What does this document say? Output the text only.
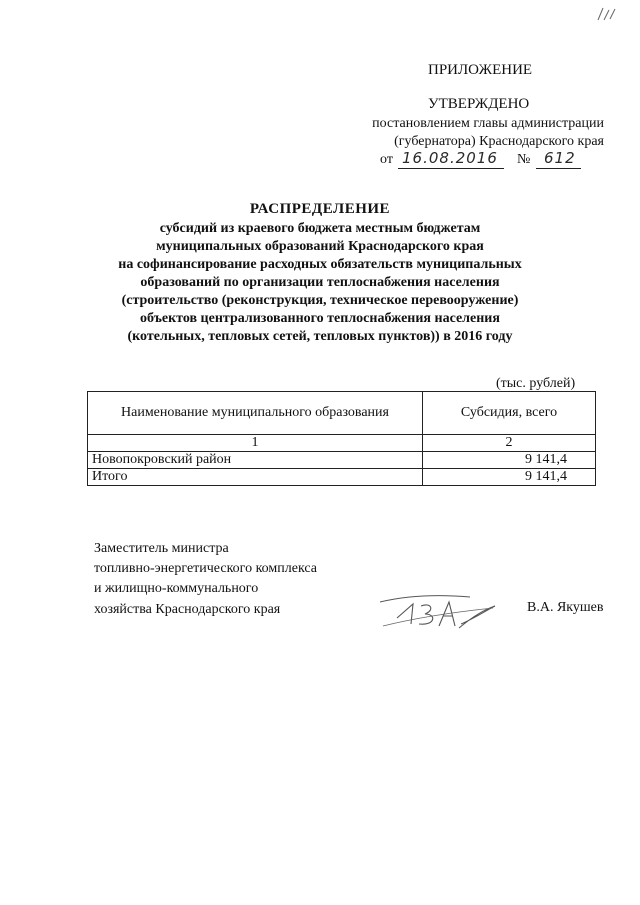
ПРИЛОЖЕНИЕ
УТВЕРЖДЕНО
постановлением главы администрации
(губернатора) Краснодарского края
от 16.08.2016 № 612
РАСПРЕДЕЛЕНИЕ
субсидий из краевого бюджета местным бюджетам
муниципальных образований Краснодарского края
на софинансирование расходных обязательств муниципальных
образований по организации теплоснабжения населения
(строительство (реконструкция, техническое перевооружение)
объектов централизованного теплоснабжения населения
(котельных, тепловых сетей, тепловых пунктов)) в 2016 году
(тыс. рублей)
Наименование муниципального образования	Субсидия, всего
1	2
Новопокровский район	9 141,4
Итого	9 141,4
Заместитель министра
топливно-энергетического комплекса
и жилищно-коммунального
хозяйства Краснодарского края	В.А. Якушев
